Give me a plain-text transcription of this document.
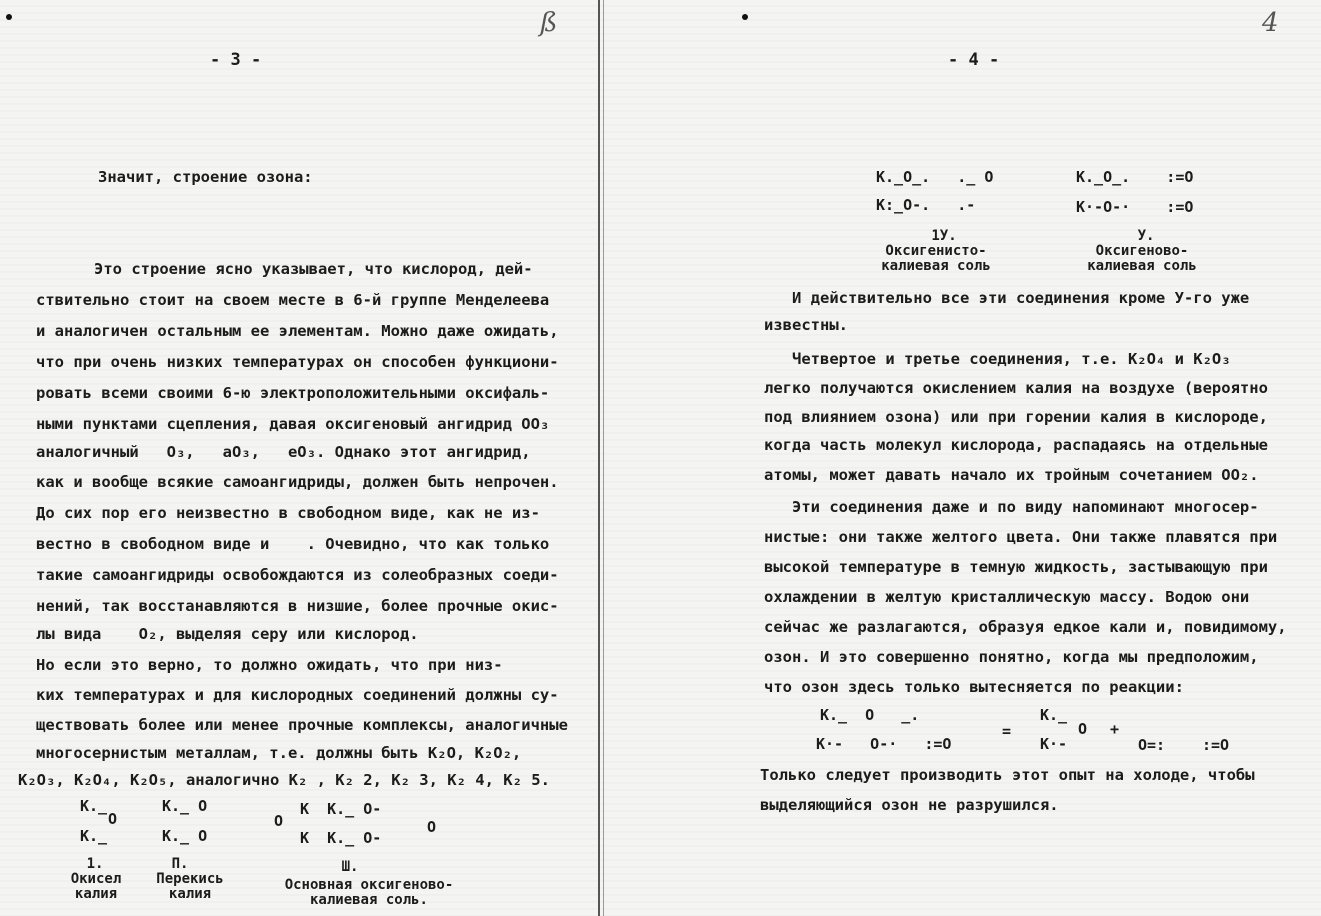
ß
- 3 -
Значит, строение озона:
Это строение ясно указывает, что кислород, дей-
ствительно стоит на своем месте в 6-й группе Менделеева
и аналогичен остальным ее элементам. Можно даже ожидать,
что при очень низких температурах он способен функциони-
ровать всеми своими 6-ю электроположительными оксифаль-
ными пунктами сцепления, давая оксигеновый ангидрид OO₃
аналогичный   O₃,   aO₃,   eO₃. Однако этот ангидрид,
как и вообще всякие самоангидриды, должен быть непрочен.
До сих пор его неизвестно в свободном виде, как не из-
вестно в свободном виде и    . Очевидно, что как только
такие самоангидриды освобождаются из солеобразных соеди-
нений, так восстанавляются в низшие, более прочные окис-
лы вида    O₂, выделяя серу или кислород.
Но если это верно, то должно ожидать, что при низ-
ких температурах и для кислородных соединений должны су-
ществовать более или менее прочные комплексы, аналогичные
многосернистым металлам, т.е. должны быть K₂O, K₂O₂,
K₂O₃, K₂O₄, K₂O₅, аналогично K₂ , K₂ 2, K₂ 3, K₂ 4, K₂ 5.
K._
O
K._
K._ O
K._ O
O
K  K._ O-
K  K._ O-
O
1.
Окисел
калия
П.
Перекись
калия
Ш.
Основная оксигеново-
калиевая соль.
4
- 4 -
K._O_.   ._ O
K:_O-.   .-
K._O_.    :=O
K·-O-·    :=O
1У.
Оксигенисто-
калиевая соль
У.
Оксигеново-
калиевая соль
И действительно все эти соединения кроме У-го уже
известны.
Четвертое и третье соединения, т.е. K₂O₄ и K₂O₃
легко получаются окислением калия на воздухе (вероятно
под влиянием озона) или при горении калия в кислороде,
когда часть молекул кислорода, распадаясь на отдельные
атомы, может давать начало их тройным сочетанием OO₂.
Эти соединения даже и по виду напоминают многосер-
нистые: они также желтого цвета. Они также плавятся при
высокой температуре в темную жидкость, застывающую при
охлаждении в желтую кристаллическую массу. Водою они
сейчас же разлагаются, образуя едкое кали и, повидимому,
озон. И это совершенно понятно, когда мы предположим,
что озон здесь только вытесняется по реакции:
K._  O   _.
K·-   O-·   :=O
=
K._
O +
K·-	O=: :=O
Только следует производить этот опыт на холоде, чтобы
выделяющийся озон не разрушился.
